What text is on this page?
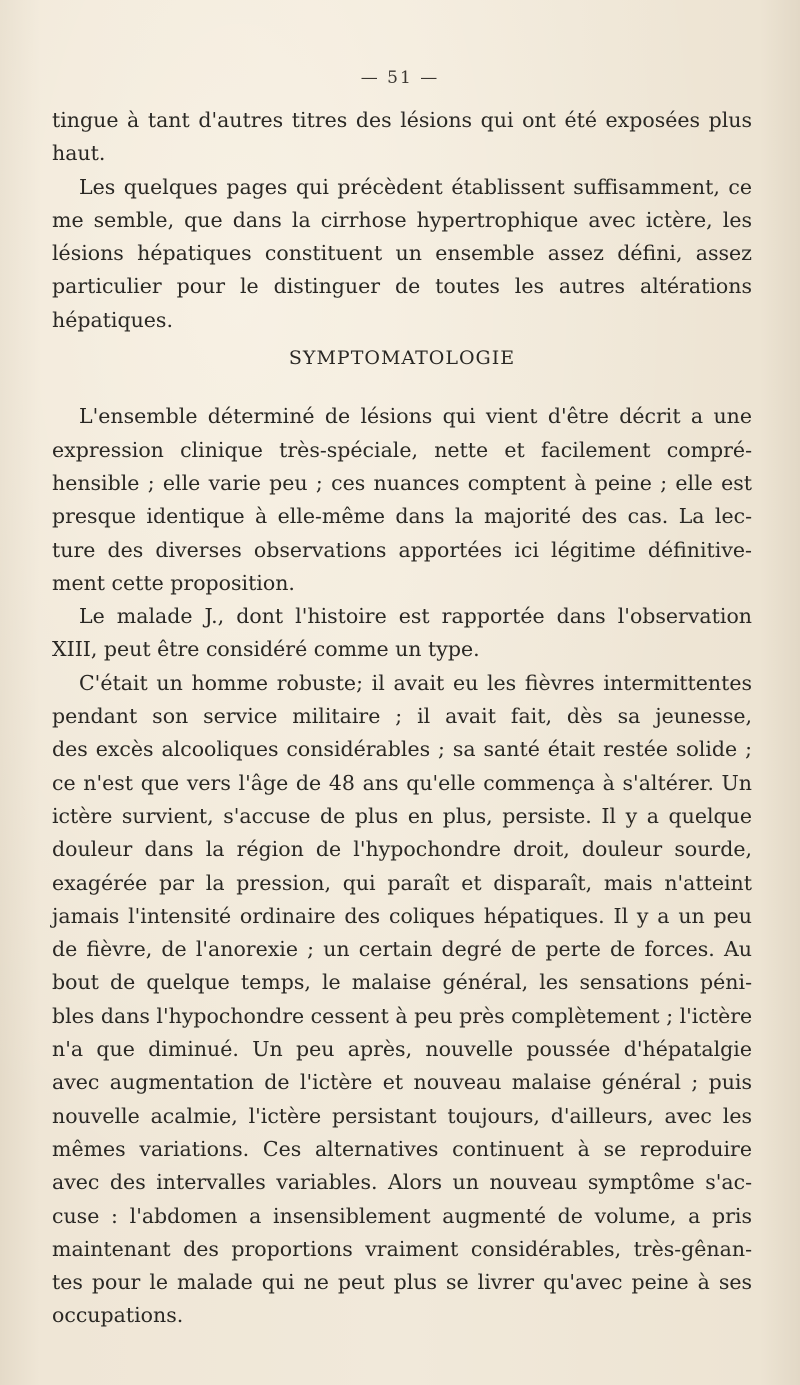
— 51 —

tingue à tant d'autres titres des lésions qui ont été exposées plus
haut.

Les quelques pages qui précèdent établissent suffisamment, ce
me semble, que dans la cirrhose hypertrophique avec ictère, les
lésions hépatiques constituent un ensemble assez défini, assez
particulier pour le distinguer de toutes les autres altérations
hépatiques.

SYMPTOMATOLOGIE

L'ensemble déterminé de lésions qui vient d'être décrit a une
expression clinique très-spéciale, nette et facilement compré-
hensible ; elle varie peu ; ces nuances comptent à peine ; elle est
presque identique à elle-même dans la majorité des cas. La lec-
ture des diverses observations apportées ici légitime définitive-
ment cette proposition.

Le malade J., dont l'histoire est rapportée dans l'observation
XIII, peut être considéré comme un type.

C'était un homme robuste; il avait eu les fièvres intermittentes
pendant son service militaire ; il avait fait, dès sa jeunesse,
des excès alcooliques considérables ; sa santé était restée solide ;
ce n'est que vers l'âge de 48 ans qu'elle commença à s'altérer. Un
ictère survient, s'accuse de plus en plus, persiste. Il y a quelque
douleur dans la région de l'hypochondre droit, douleur sourde,
exagérée par la pression, qui paraît et disparaît, mais n'atteint
jamais l'intensité ordinaire des coliques hépatiques. Il y a un peu
de fièvre, de l'anorexie ; un certain degré de perte de forces. Au
bout de quelque temps, le malaise général, les sensations péni-
bles dans l'hypochondre cessent à peu près complètement ; l'ictère
n'a que diminué. Un peu après, nouvelle poussée d'hépatalgie
avec augmentation de l'ictère et nouveau malaise général ; puis
nouvelle acalmie, l'ictère persistant toujours, d'ailleurs, avec les
mêmes variations. Ces alternatives continuent à se reproduire
avec des intervalles variables. Alors un nouveau symptôme s'ac-
cuse : l'abdomen a insensiblement augmenté de volume, a pris
maintenant des proportions vraiment considérables, très-gênan-
tes pour le malade qui ne peut plus se livrer qu'avec peine à ses
occupations.
